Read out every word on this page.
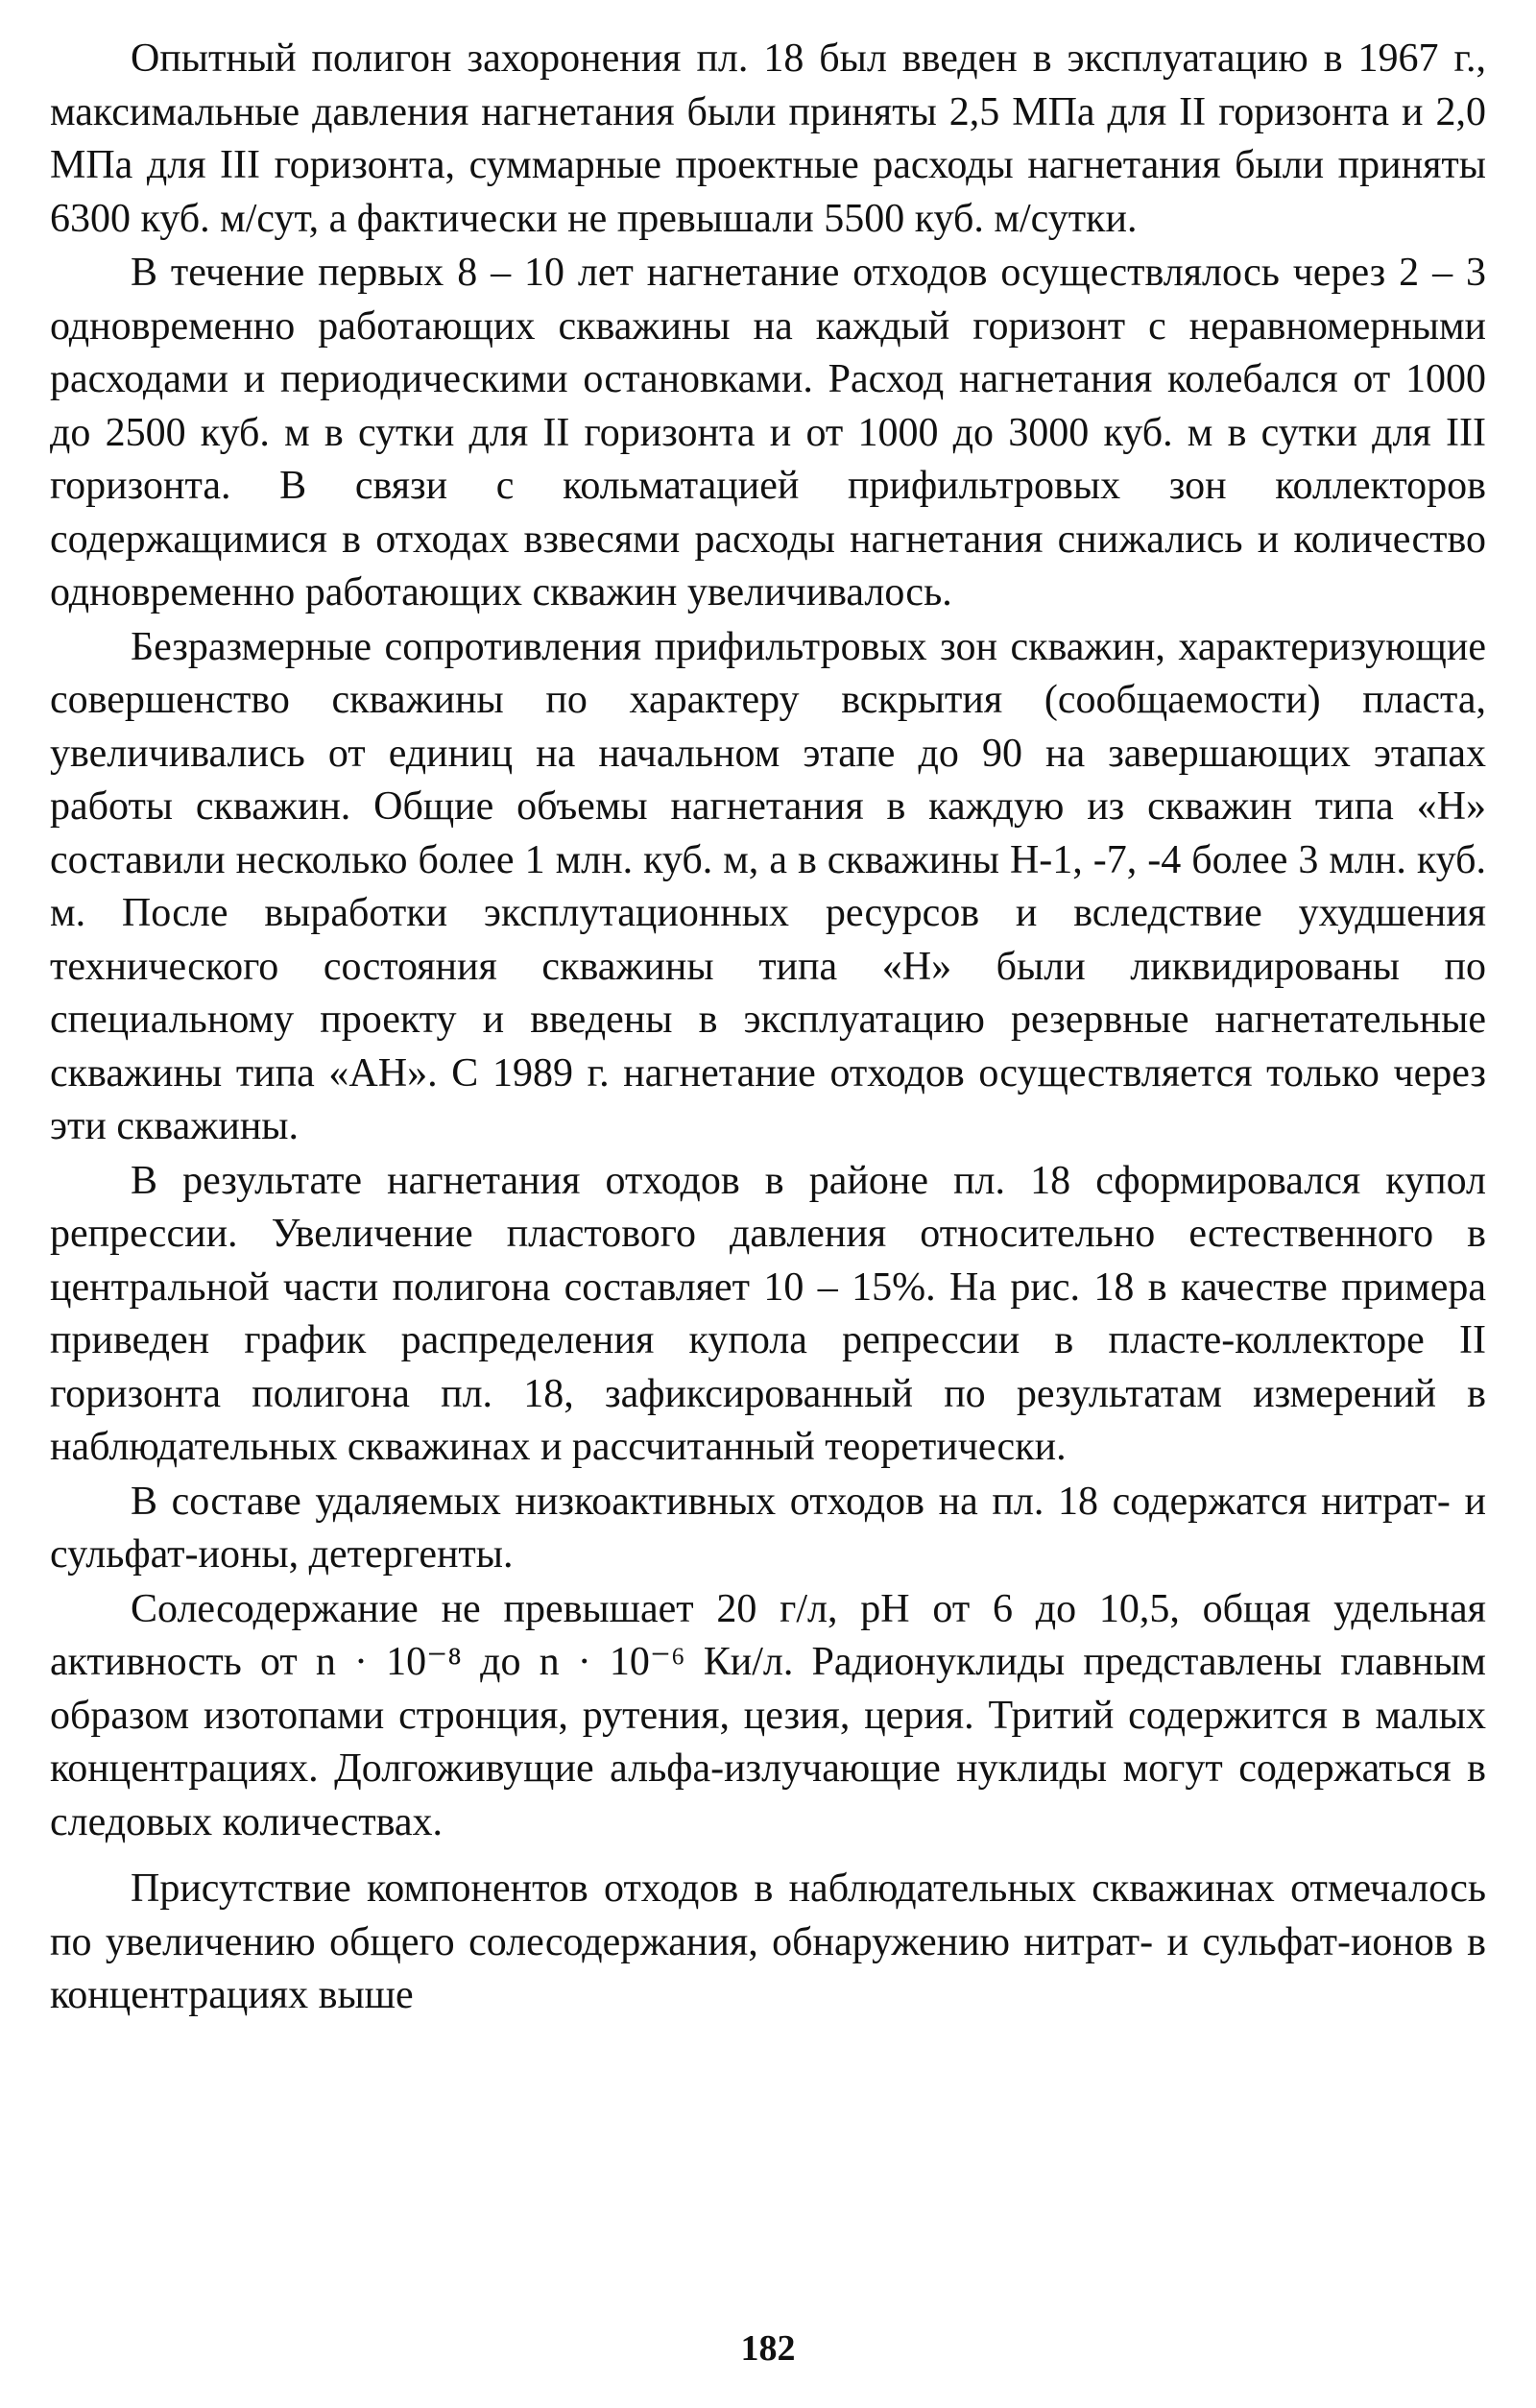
Опытный полигон захоронения пл. 18 был введен в эксплуатацию в 1967 г., максимальные давления нагнетания были приняты 2,5 МПа для II горизонта и 2,0 МПа для III горизонта, суммарные проектные расходы нагнетания были приняты 6300 куб. м/сут, а фактически не превышали 5500 куб. м/сутки.

В течение первых 8 – 10 лет нагнетание отходов осуществлялось через 2 – 3 одновременно работающих скважины на каждый горизонт с неравномерными расходами и периодическими остановками. Расход нагнетания колебался от 1000 до 2500 куб. м в сутки для II горизонта и от 1000 до 3000 куб. м в сутки для III горизонта. В связи с кольматацией прифильтровых зон коллекторов содержащимися в отходах взвесями расходы нагнетания снижались и количество одновременно работающих скважин увеличивалось.

Безразмерные сопротивления прифильтровых зон скважин, характеризующие совершенство скважины по характеру вскрытия (сообщаемости) пласта, увеличивались от единиц на начальном этапе до 90 на завершающих этапах работы скважин. Общие объемы нагнетания в каждую из скважин типа «Н» составили несколько более 1 млн. куб. м, а в скважины Н-1, -7, -4 более 3 млн. куб. м. После выработки эксплутационных ресурсов и вследствие ухудшения технического состояния скважины типа «Н» были ликвидированы по специальному проекту и введены в эксплуатацию резервные нагнетательные скважины типа «АН». С 1989 г. нагнетание отходов осуществляется только через эти скважины.

В результате нагнетания отходов в районе пл. 18 сформировался купол репрессии. Увеличение пластового давления относительно естественного в центральной части полигона составляет 10 – 15%. На рис. 18 в качестве примера приведен график распределения купола репрессии в пласте-коллекторе II горизонта полигона пл. 18, зафиксированный по результатам измерений в наблюдательных скважинах и рассчитанный теоретически.

В составе удаляемых низкоактивных отходов на пл. 18 содержатся нитрат- и сульфат-ионы, детергенты.

Солесодержание не превышает 20 г/л, рН от 6 до 10,5, общая удельная активность от n · 10⁻⁸ до n · 10⁻⁶ Ки/л. Радионуклиды представлены главным образом изотопами стронция, рутения, цезия, церия. Тритий содержится в малых концентрациях. Долгоживущие альфа-излучающие нуклиды могут содержаться в следовых количествах.

Присутствие компонентов отходов в наблюдательных скважинах отмечалось по увеличению общего солесодержания, обнаружению нитрат- и сульфат-ионов в концентрациях выше

182
